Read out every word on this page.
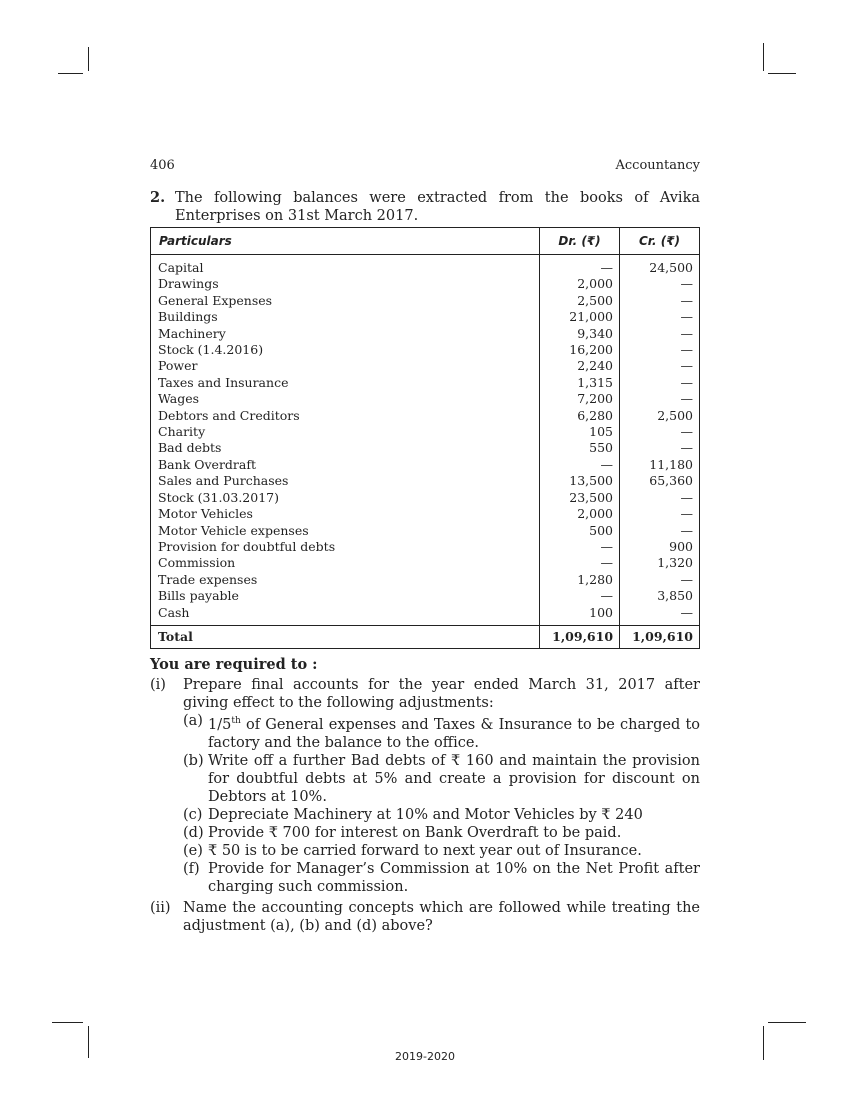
406	Accountancy
2. The following balances were extracted from the books of Avika Enterprises on 31st March 2017.
Particulars	Dr. (₹)	Cr. (₹)
Capital	—	24,500
Drawings	2,000	—
General Expenses	2,500	—
Buildings	21,000	—
Machinery	9,340	—
Stock (1.4.2016)	16,200	—
Power	2,240	—
Taxes and Insurance	1,315	—
Wages	7,200	—
Debtors and Creditors	6,280	2,500
Charity	105	—
Bad debts	550	—
Bank Overdraft	—	11,180
Sales and Purchases	13,500	65,360
Stock (31.03.2017)	23,500	—
Motor Vehicles	2,000	—
Motor Vehicle expenses	500	—
Provision for doubtful debts	—	900
Commission	—	1,320
Trade expenses	1,280	—
Bills payable	—	3,850
Cash	100	—
Total	1,09,610	1,09,610
You are required to :
(i) Prepare final accounts for the year ended March 31, 2017 after giving effect to the following adjustments:
(a) 1/5th of General expenses and Taxes & Insurance to be charged to factory and the balance to the office.
(b) Write off a further Bad debts of ₹ 160 and maintain the provision for doubtful debts at 5% and create a provision for discount on Debtors at 10%.
(c) Depreciate Machinery at 10% and Motor Vehicles by ₹ 240
(d) Provide ₹ 700 for interest on Bank Overdraft to be paid.
(e) ₹ 50 is to be carried forward to next year out of Insurance.
(f) Provide for Manager’s Commission at 10% on the Net Profit after charging such commission.
(ii) Name the accounting concepts which are followed while treating the adjustment (a), (b) and (d) above?
2019-2020
